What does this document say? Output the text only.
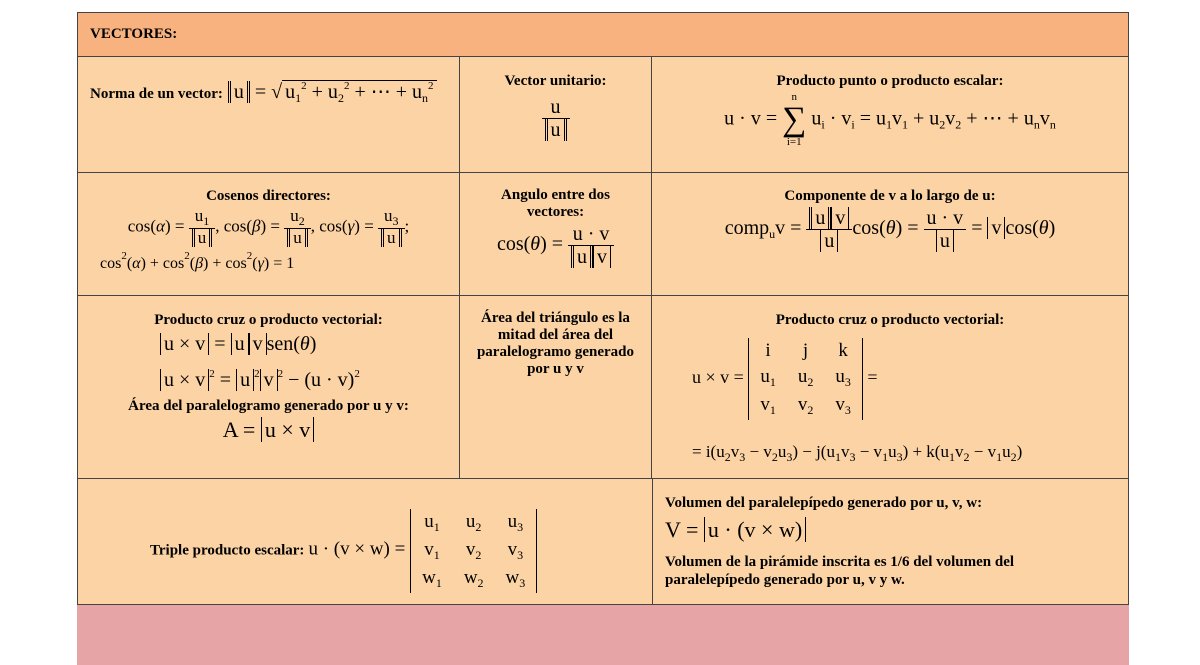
VECTORES:
Norma de un vector: u = √ $u_1^2 + u_2^2$ + ⋯ + $u_n^2$	Vector unitario:
$\frac{u}{u}$
Producto punto o producto escalar:
u · v =
n
∑
i=1
$u_i \cdot v_i = u_1v_1 + u_2v_2$ + ⋯ + $u_nv_n$
Cosenos directores:
$\cos(\alpha) = \frac{u_1}{u}$ , $\cos(\beta) = \frac{u_2}{u}$ , $\cos(\gamma) = \frac{u_3}{u}$ ;
$\cos^2(\alpha) + \cos^2(\beta) + \cos^2(\gamma) = 1$
Angulo entre dos vectores:
$\cos(\theta) = \frac{u \cdot v}{\text{u v}}$
Componente de v a lo largo de u:
comp$_u$v = $\frac{\text{u v}}{u} \cos(\theta) = \frac{u \cdot v}{u} = v$ cos(θ)
Producto cruz o producto vectorial:
u × v = u v sen(θ)
u × v $^2$ = u $^2$ v $^2 - (u \cdot v)^2$
Área del paralelogramo generado por u y v:
A = u × v
Área del triángulo es la mitad del área del paralelogramo generado por u y v
Producto cruz o producto vectorial:
u × v = i	j	k
$u_1$	$u_2$	$u_3$
$v_1$	$v_2$	$v_3$ =
= $i(u_2v_3 - v_2u_3) - j(u_1v_3 - v_1u_3) + k(u_1v_2 - v_1u_2)$
Triple producto escalar: $u \cdot (v \times w) = u_1$	$u_2$	$u_3$
$v_1$	$v_2$	$v_3$
$w_1$	$w_2$	$w_3$
Volumen del paralelepípedo generado por u, v, w:
V = u · (v × w)
Volumen de la pirámide inscrita es 1/6 del volumen del paralelepípedo generado por u, v y w.
